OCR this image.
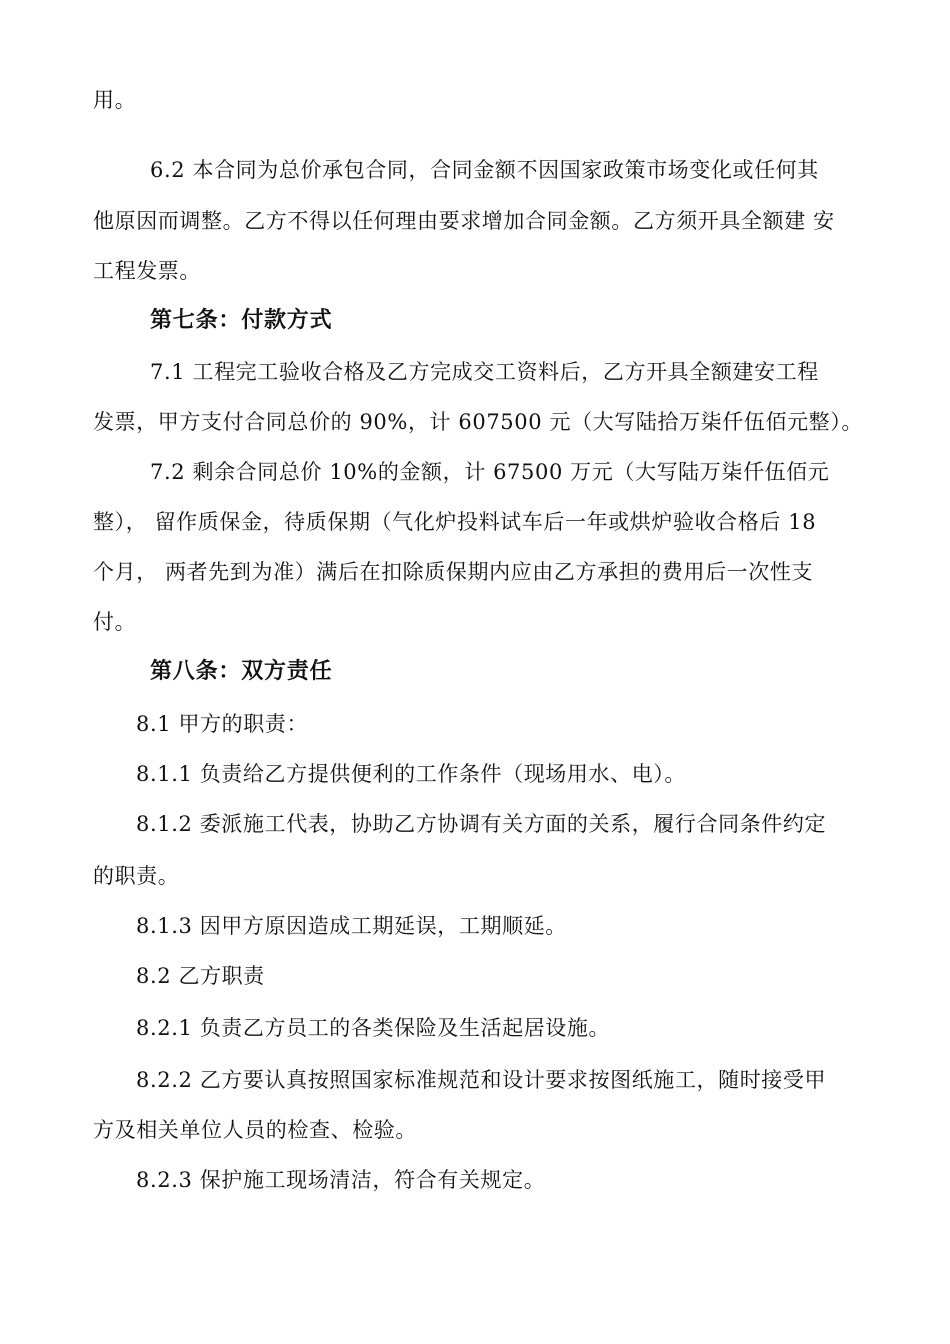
用。
6.2 本合同为总价承包合同，合同金额不因国家政策市场变化或任何其
他原因而调整。乙方不得以任何理由要求增加合同金额。乙方须开具全额建 安
工程发票。
第七条：付款方式
7.1 工程完工验收合格及乙方完成交工资料后，乙方开具全额建安工程
发票，甲方支付合同总价的 90%，计 607500 元（大写陆拾万柒仟伍佰元整）。
7.2 剩余合同总价 10%的金额，计 67500 万元（大写陆万柒仟伍佰元
整）， 留作质保金，待质保期（气化炉投料试车后一年或烘炉验收合格后 18
个月， 两者先到为准）满后在扣除质保期内应由乙方承担的费用后一次性支
付。
第八条：双方责任
8.1 甲方的职责：
8.1.1 负责给乙方提供便利的工作条件（现场用水、电）。
8.1.2 委派施工代表，协助乙方协调有关方面的关系，履行合同条件约定
的职责。
8.1.3 因甲方原因造成工期延误，工期顺延。
8.2 乙方职责
8.2.1 负责乙方员工的各类保险及生活起居设施。
8.2.2 乙方要认真按照国家标准规范和设计要求按图纸施工，随时接受甲
方及相关单位人员的检查、检验。
8.2.3 保护施工现场清洁，符合有关规定。
